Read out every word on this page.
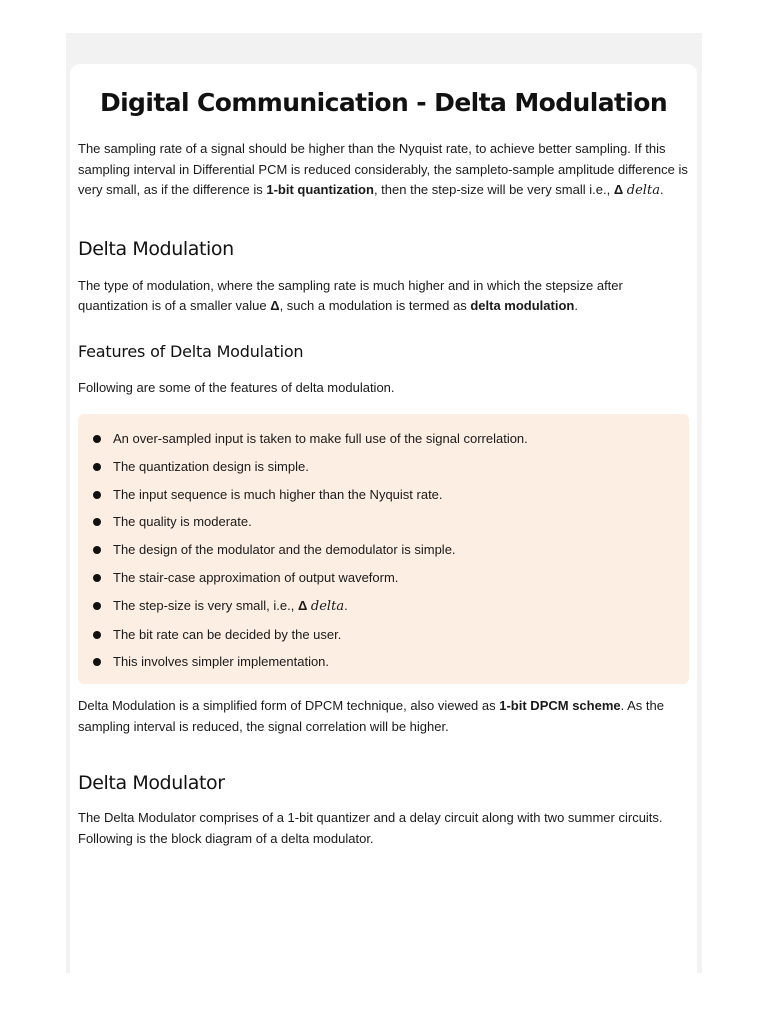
Digital Communication - Delta Modulation

The sampling rate of a signal should be higher than the Nyquist rate, to achieve better sampling. If this sampling interval in Differential PCM is reduced considerably, the sampleto-sample amplitude difference is very small, as if the difference is 1-bit quantization, then the step-size will be very small i.e., Δ delta.

Delta Modulation

The type of modulation, where the sampling rate is much higher and in which the stepsize after quantization is of a smaller value Δ, such a modulation is termed as delta modulation.

Features of Delta Modulation

Following are some of the features of delta modulation.

An over-sampled input is taken to make full use of the signal correlation.
The quantization design is simple.
The input sequence is much higher than the Nyquist rate.
The quality is moderate.
The design of the modulator and the demodulator is simple.
The stair-case approximation of output waveform.
The step-size is very small, i.e., Δ delta.
The bit rate can be decided by the user.
This involves simpler implementation.

Delta Modulation is a simplified form of DPCM technique, also viewed as 1-bit DPCM scheme. As the sampling interval is reduced, the signal correlation will be higher.

Delta Modulator

The Delta Modulator comprises of a 1-bit quantizer and a delay circuit along with two summer circuits. Following is the block diagram of a delta modulator.
